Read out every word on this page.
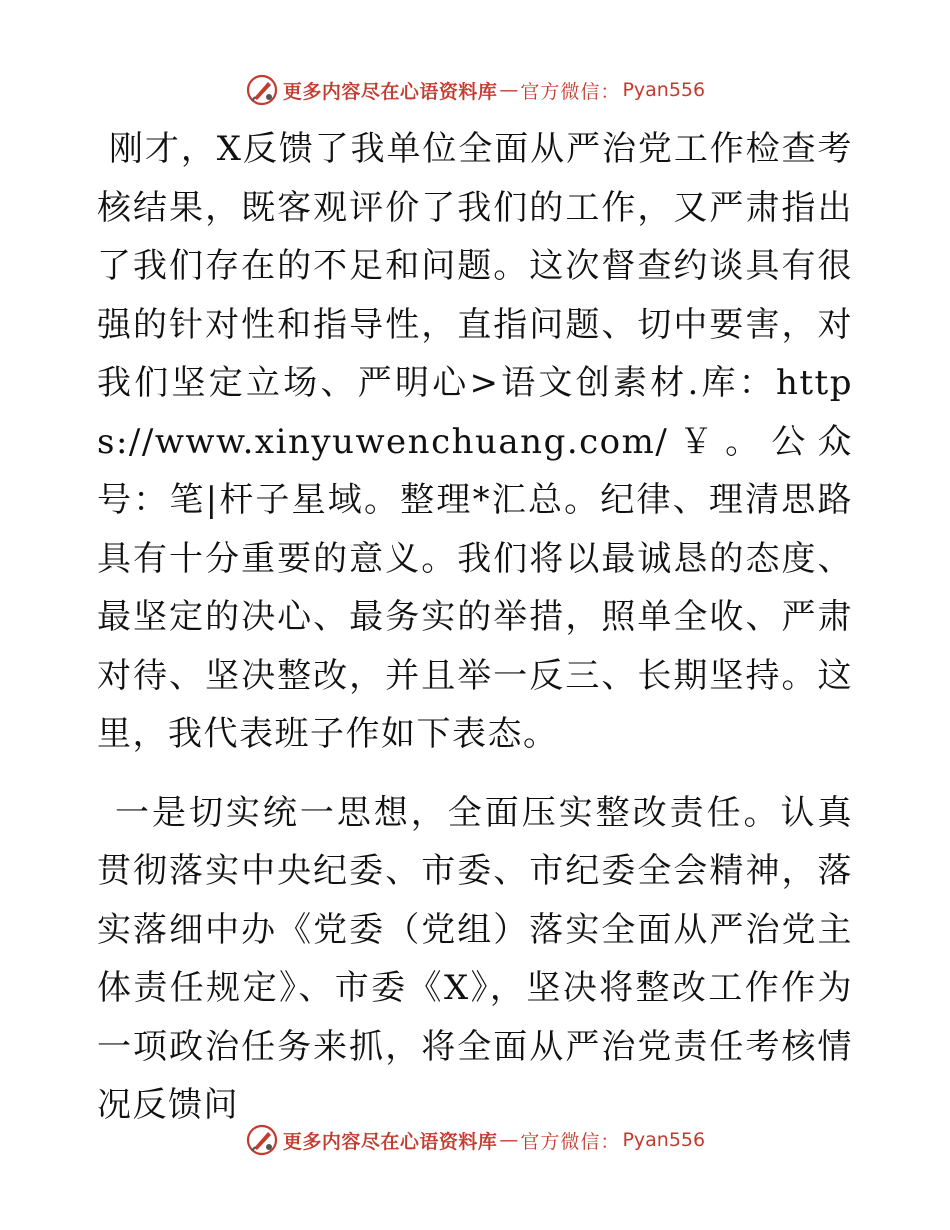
更多内容尽在心语资料库 — 官方微信： Pyan556

刚才，X反馈了我单位全面从严治党工作检查考核结果，既客观评价了我们的工作，又严肃指出了我们存在的不足和问题。这次督查约谈具有很强的针对性和指导性，直指问题、切中要害，对我们坚定立场、严明心>语文创素材.库：https://www.xinyuwenchuang.com/￥。公众号：笔|杆子星域。整理*汇总。纪律、理清思路具有十分重要的意义。我们将以最诚恳的态度、最坚定的决心、最务实的举措，照单全收、严肃对待、坚决整改，并且举一反三、长期坚持。这里，我代表班子作如下表态。

一是切实统一思想，全面压实整改责任。认真贯彻落实中央纪委、市委、市纪委全会精神，落实落细中办《党委（党组）落实全面从严治党主体责任规定》、市委《X》，坚决将整改工作作为一项政治任务来抓，将全面从严治党责任考核情况反馈问

更多内容尽在心语资料库 — 官方微信： Pyan556
